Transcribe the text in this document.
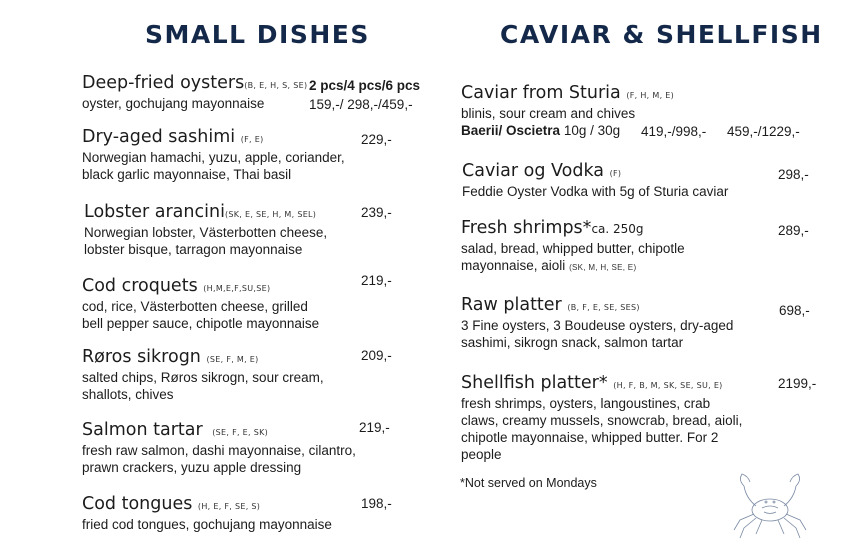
SMALL DISHES	CAVIAR & SHELLFISH
Deep-fried oysters(B, E, H, S, SE)
oyster, gochujang mayonnaise
2 pcs/4 pcs/6 pcs
159,-/ 298,-/459,-
Dry-aged sashimi (F, E)
Norwegian hamachi, yuzu, apple, coriander,
black garlic mayonnaise, Thai basil
229,-
Lobster arancini(SK, E, SE, H, M, SEL)
Norwegian lobster, Västerbotten cheese,
lobster bisque, tarragon mayonnaise
239,-
Cod croquets (H,M,E,F,SU,SE)
cod, rice, Västerbotten cheese, grilled
bell pepper sauce, chipotle mayonnaise
219,-
Røros sikrogn (SE, F, M, E)
salted chips, Røros sikrogn, sour cream,
shallots, chives
209,-
Salmon tartar (SE, F, E, SK)
fresh raw salmon, dashi mayonnaise, cilantro,
prawn crackers, yuzu apple dressing
219,-
Cod tongues (H, E, F, SE, S)
fried cod tongues, gochujang mayonnaise
198,-
Caviar from Sturia (F, H, M, E)
blinis, sour cream and chives
Baerii/ Oscietra 10g / 30g	419,-/998,- 459,-/1229,-
Caviar og Vodka (F)
Feddie Oyster Vodka with 5g of Sturia caviar
298,-
Fresh shrimps*ca. 250g
salad, bread, whipped butter, chipotle
mayonnaise, aioli (SK, M, H, SE, E)
289,-
Raw platter (B, F, E, SE, SES)
3 Fine oysters, 3 Boudeuse oysters, dry-aged
sashimi, sikrogn snack, salmon tartar
698,-
Shellfish platter* (H, F, B, M, SK, SE, SU, E)
fresh shrimps, oysters, langoustines, crab
claws, creamy mussels, snowcrab, bread, aioli,
chipotle mayonnaise, whipped butter. For 2
people
2199,-
*Not served on Mondays
